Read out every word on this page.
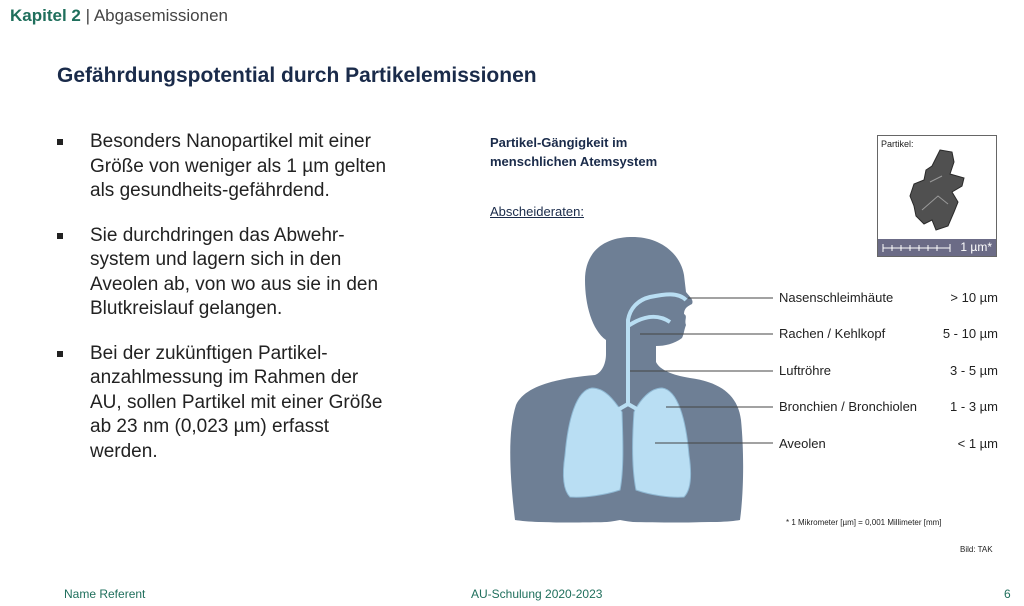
Kapitel 2 | Abgasemissionen
Gefährdungspotential durch Partikelemissionen
Besonders Nanopartikel mit einer Größe von weniger als 1 µm gelten als gesundheits-gefährdend.
Sie durchdringen das Abwehr-system und lagern sich in den Aveolen ab, von wo aus sie in den Blutkreislauf gelangen.
Bei der zukünftigen Partikel-anzahlmessung im Rahmen der AU, sollen Partikel mit einer Größe ab 23 nm (0,023 µm) erfasst werden.
Partikel-Gängigkeit im
menschlichen Atemsystem
Abscheideraten:
Nasenschleimhäute	> 10 µm
Rachen / Kehlkopf	5 - 10 µm
Luftröhre	3 - 5 µm
Bronchien / Bronchiolen	1 - 3 µm
Aveolen	< 1 µm
Partikel:
1 µm*
* 1 Mikrometer [µm] = 0,001 Millimeter [mm]
Bild: TAK
Name Referent	AU-Schulung 2020-2023	6
